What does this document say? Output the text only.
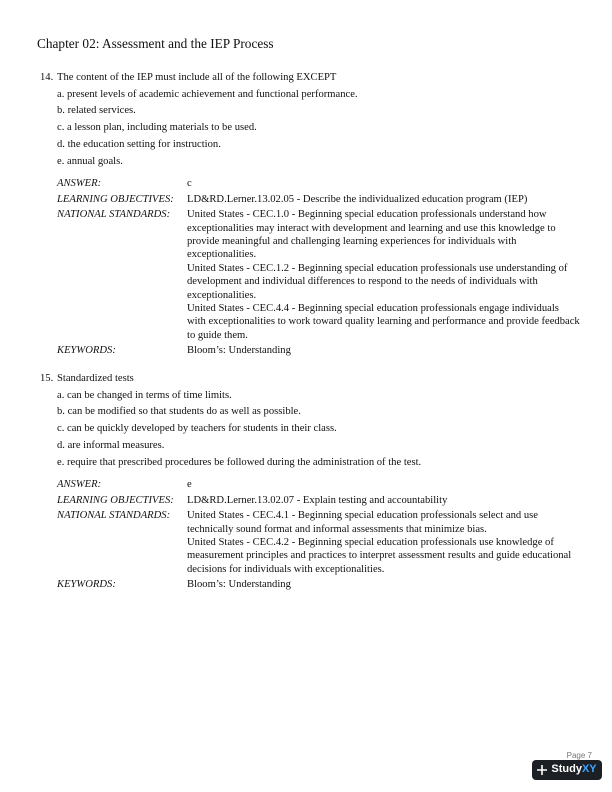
Chapter 02: Assessment and the IEP Process
14. The content of the IEP must include all of the following EXCEPT
a. present levels of academic achievement and functional performance.
b. related services.
c. a lesson plan, including materials to be used.
d. the education setting for instruction.
e. annual goals.
ANSWER:	c
LEARNING OBJECTIVES:	LD&RD.Lerner.13.02.05 - Describe the individualized education program (IEP)
NATIONAL STANDARDS:	United States - CEC.1.0 - Beginning special education professionals understand how exceptionalities may interact with development and learning and use this knowledge to provide meaningful and challenging learning experiences for individuals with exceptionalities.
United States - CEC.1.2 - Beginning special education professionals use understanding of development and individual differences to respond to the needs of individuals with exceptionalities.
United States - CEC.4.4 - Beginning special education professionals engage individuals with exceptionalities to work toward quality learning and performance and provide feedback to guide them.
KEYWORDS:	Bloom’s: Understanding
15. Standardized tests
a. can be changed in terms of time limits.
b. can be modified so that students do as well as possible.
c. can be quickly developed by teachers for students in their class.
d. are informal measures.
e. require that prescribed procedures be followed during the administration of the test.
ANSWER:	e
LEARNING OBJECTIVES:	LD&RD.Lerner.13.02.07 - Explain testing and accountability
NATIONAL STANDARDS:	United States - CEC.4.1 - Beginning special education professionals select and use technically sound format and informal assessments that minimize bias.
United States - CEC.4.2 - Beginning special education professionals use knowledge of measurement principles and practices to interpret assessment results and guide educational decisions for individuals with exceptionalities.
KEYWORDS:	Bloom’s: Understanding
Page 7
StudyXY
